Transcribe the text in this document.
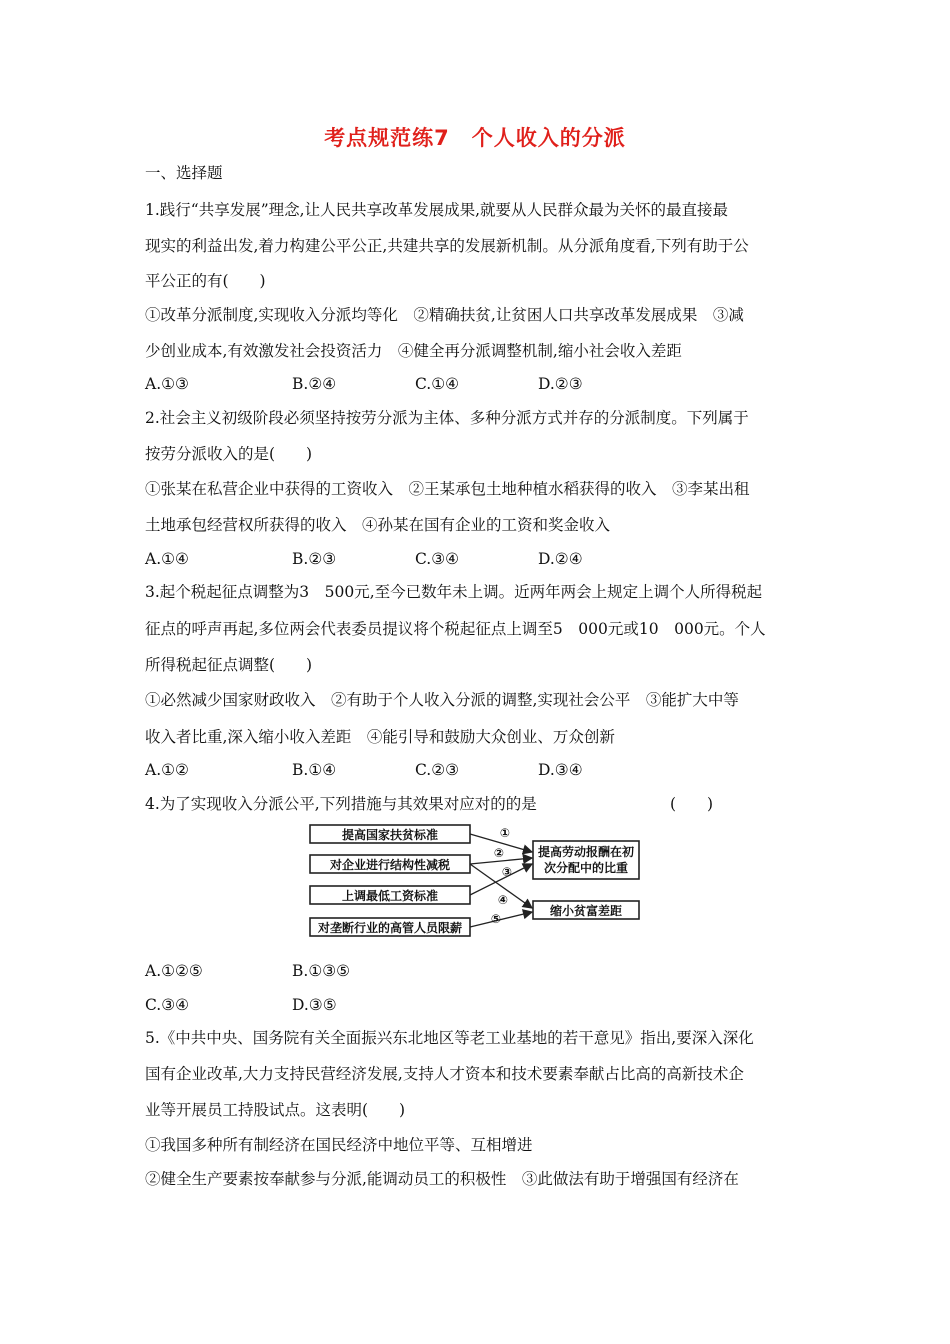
考点规范练7　个人收入的分派
一、选择题
1.践行“共享发展”理念,让人民共享改革发展成果,就要从人民群众最为关怀的最直接最
现实的利益出发,着力构建公平公正,共建共享的发展新机制。从分派角度看,下列有助于公
平公正的有(　　)
①改革分派制度,实现收入分派均等化　②精确扶贫,让贫困人口共享改革发展成果　③减
少创业成本,有效激发社会投资活力　④健全再分派调整机制,缩小社会收入差距
A.①③	B.②④	C.①④	D.②③
2.社会主义初级阶段必须坚持按劳分派为主体、多种分派方式并存的分派制度。下列属于
按劳分派收入的是(　　)
①张某在私营企业中获得的工资收入　②王某承包土地种植水稻获得的收入　③李某出租
土地承包经营权所获得的收入　④孙某在国有企业的工资和奖金收入
A.①④	B.②③	C.③④	D.②④
3.起个税起征点调整为3　500元,至今已数年未上调。近两年两会上规定上调个人所得税起
征点的呼声再起,多位两会代表委员提议将个税起征点上调至5　000元或10　000元。个人
所得税起征点调整(　　)
①必然减少国家财政收入　②有助于个人收入分派的调整,实现社会公平　③能扩大中等
收入者比重,深入缩小收入差距　④能引导和鼓励大众创业、万众创新
A.①②	B.①④	C.②③	D.③④
4.为了实现收入分派公平,下列措施与其效果对应对的的是	(　　)
提高国家扶贫标准
对企业进行结构性减税
上调最低工资标准
对垄断行业的高管人员限薪
提高劳动报酬在初
次分配中的比重
缩小贫富差距
①
②
③
④
⑤
A.①②⑤	B.①③⑤
C.③④	D.③⑤
5.《中共中央、国务院有关全面振兴东北地区等老工业基地的若干意见》指出,要深入深化
国有企业改革,大力支持民营经济发展,支持人才资本和技术要素奉献占比高的高新技术企
业等开展员工持股试点。这表明(　　)
①我国多种所有制经济在国民经济中地位平等、互相增进
②健全生产要素按奉献参与分派,能调动员工的积极性　③此做法有助于增强国有经济在
